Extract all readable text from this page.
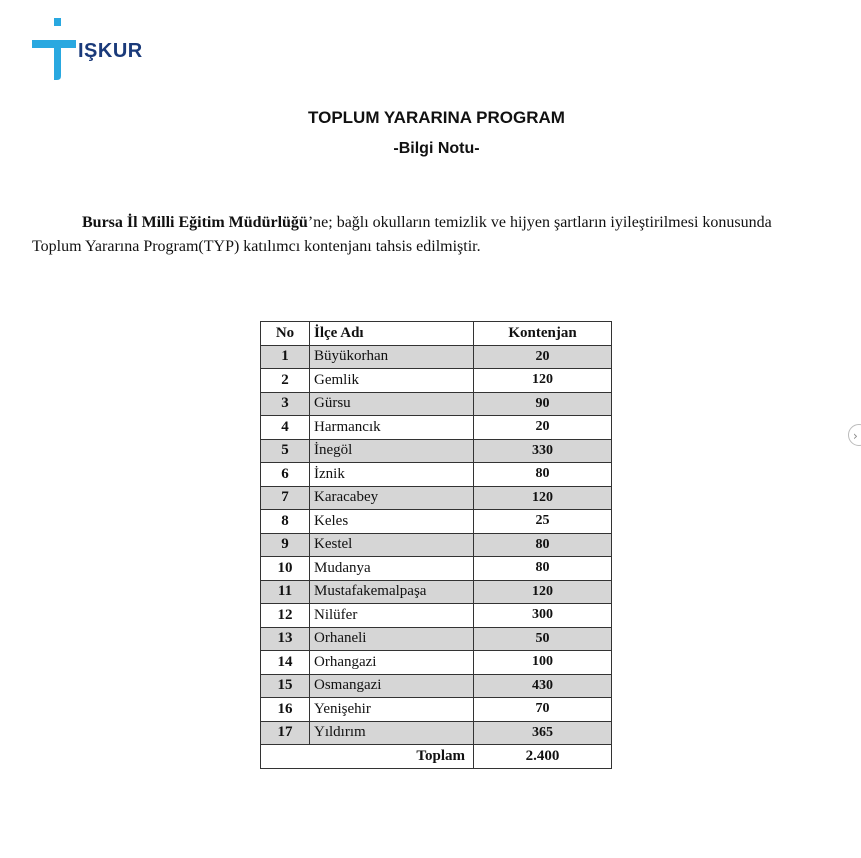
IŞKUR
TOPLUM YARARINA PROGRAM
-Bilgi Notu-
Bursa İl Milli Eğitim Müdürlüğü’ne; bağlı okulların temizlik ve hijyen şartların iyileştirilmesi konusunda Toplum Yararına Program(TYP) katılımcı kontenjanı tahsis edilmiştir.
No	İlçe Adı	Kontenjan
1	Büyükorhan	20
2	Gemlik	120
3	Gürsu	90
4	Harmancık	20
5	İnegöl	330
6	İznik	80
7	Karacabey	120
8	Keles	25
9	Kestel	80
10	Mudanya	80
11	Mustafakemalpaşa	120
12	Nilüfer	300
13	Orhaneli	50
14	Orhangazi	100
15	Osmangazi	430
16	Yenişehir	70
17	Yıldırım	365
Toplam		2.400
›
